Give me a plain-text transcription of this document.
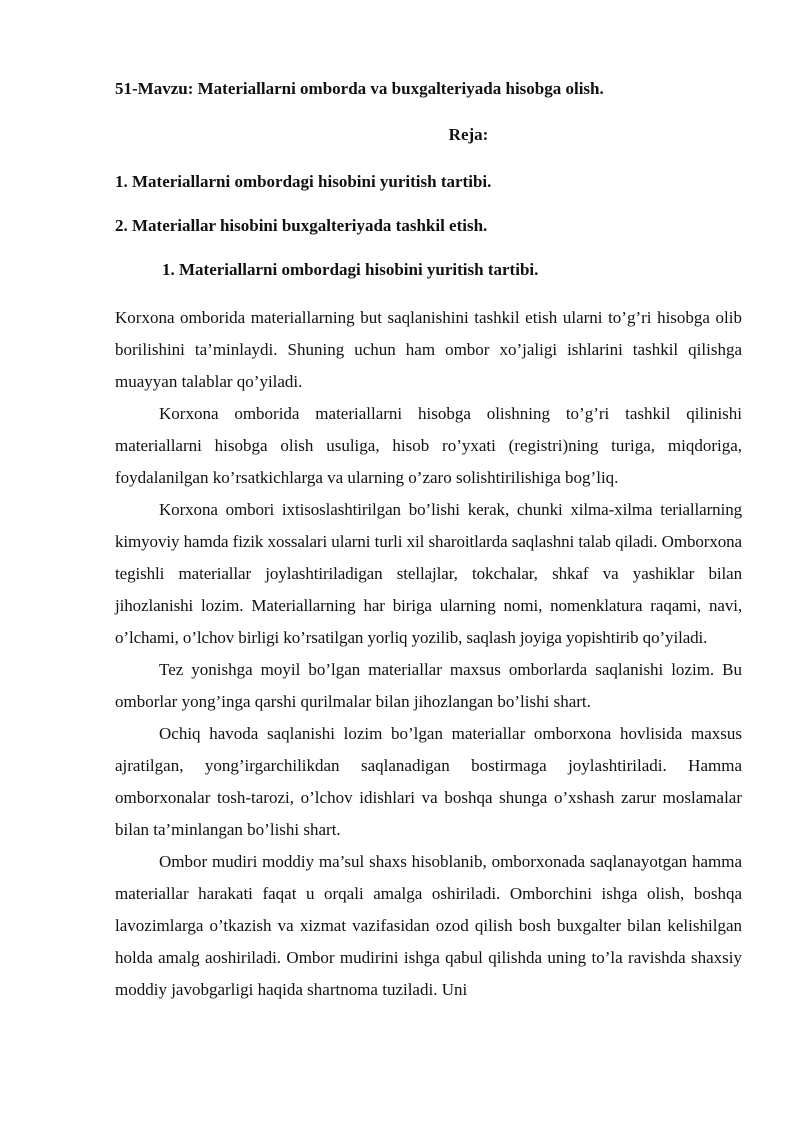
51-Mavzu: Materiallarni omborda va buxgalteriyada hisobga olish.

Reja:

1. Materiallarni ombordagi hisobini yuritish tartibi.

2. Materiallar hisobini buxgalteriyada tashkil etish.

1. Materiallarni ombordagi hisobini yuritish tartibi.

Korxona omborida materiallarning but saqlanishini tashkil etish ularni to’g’ri hisobga olib borilishini ta’minlaydi. Shuning uchun ham ombor xo’jaligi ishlarini tashkil qilishga muayyan talablar qo’yiladi.

Korxona omborida materiallarni hisobga olishning to’g’ri tashkil qilinishi materiallarni hisobga olish usuliga, hisob ro’yxati (registri)ning turiga, miqdoriga, foydalanilgan ko’rsatkichlarga va ularning o’zaro solishtirilishiga bog’liq.

Korxona ombori ixtisoslashtirilgan bo’lishi kerak, chunki xilma-xilma teriallarning kimyoviy hamda fizik xossalari ularni turli xil sharoitlarda saqlashni talab qiladi. Omborxona tegishli materiallar joylashtiriladigan stellajlar, tokchalar, shkaf va yashiklar bilan jihozlanishi lozim. Materiallarning har biriga ularning nomi, nomenklatura raqami, navi, o’lchami, o’lchov birligi ko’rsatilgan yorliq yozilib, saqlash joyiga yopishtirib qo’yiladi.

Tez yonishga moyil bo’lgan materiallar maxsus omborlarda saqlanishi lozim. Bu omborlar yong’inga qarshi qurilmalar bilan jihozlangan bo’lishi shart.

Ochiq havoda saqlanishi lozim bo’lgan materiallar omborxona hovlisida maxsus ajratilgan, yong’irgarchilikdan saqlanadigan bostirmaga joylashtiriladi. Hamma omborxonalar tosh-tarozi, o’lchov idishlari va boshqa shunga o’xshash zarur moslamalar bilan ta’minlangan bo’lishi shart.

Ombor mudiri moddiy ma’sul shaxs hisoblanib, omborxonada saqlanayotgan hamma materiallar harakati faqat u orqali amalga oshiriladi. Omborchini ishga olish, boshqa lavozimlarga o’tkazish va xizmat vazifasidan ozod qilish bosh buxgalter bilan kelishilgan holda amalg aoshiriladi. Ombor mudirini ishga qabul qilishda uning to’la ravishda shaxsiy moddiy javobgarligi haqida shartnoma tuziladi. Uni
